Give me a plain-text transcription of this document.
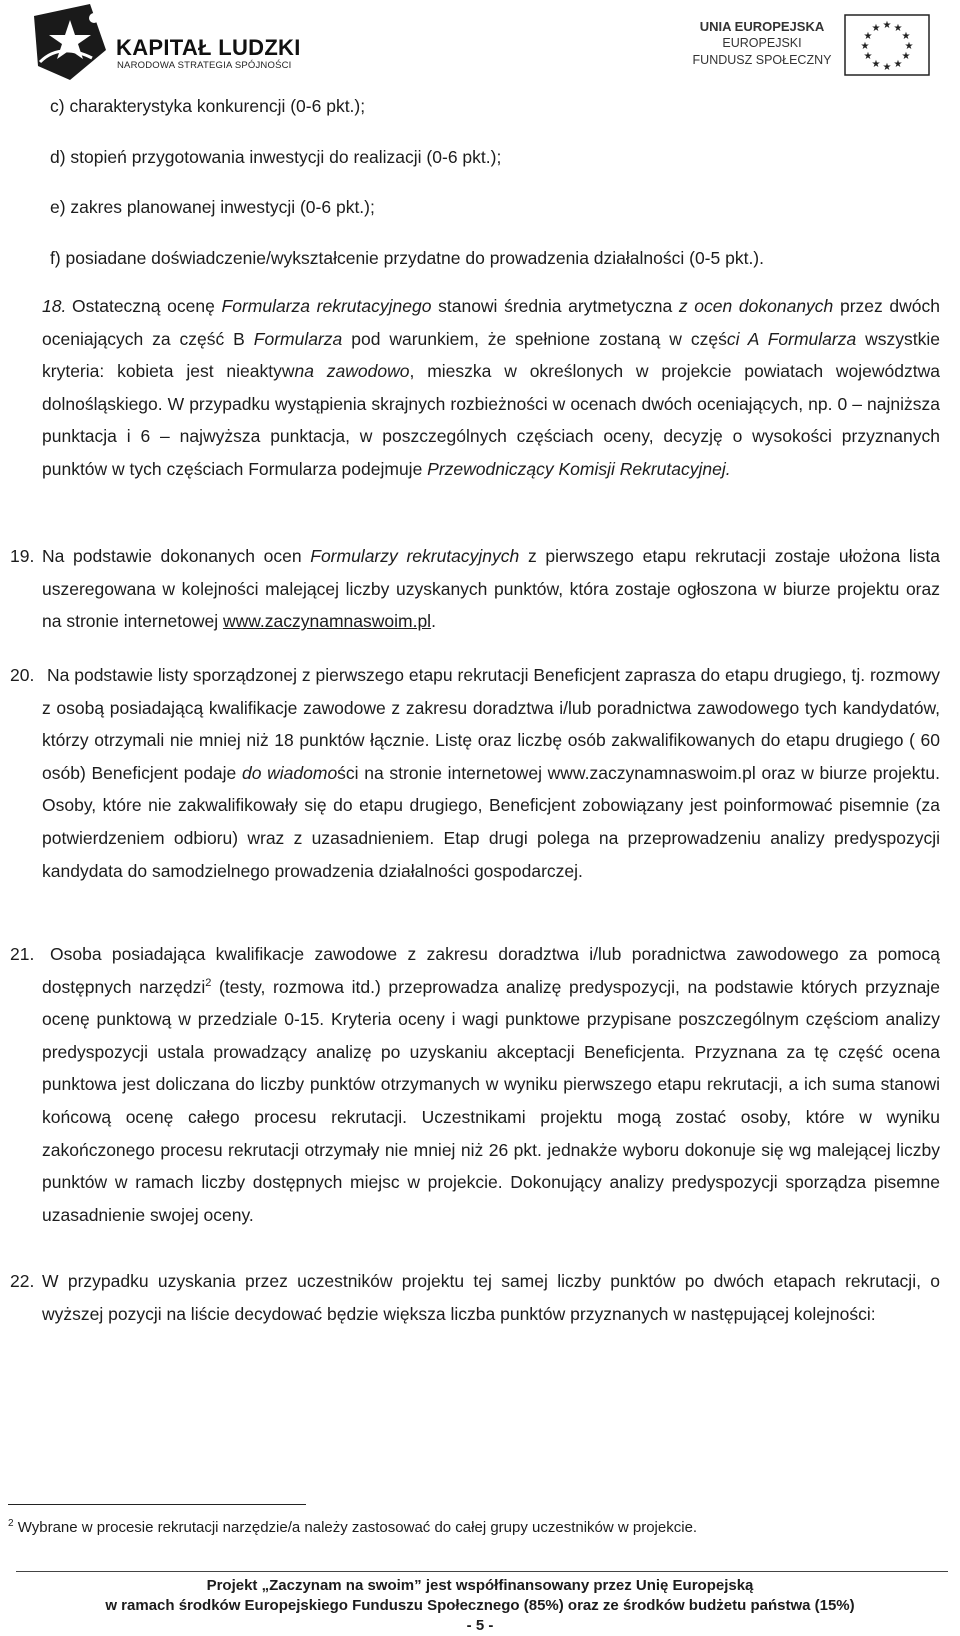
KAPITAŁ LUDZKI
NARODOWA STRATEGIA SPÓJNOŚCI
UNIA EUROPEJSKA
EUROPEJSKI
FUNDUSZ SPOŁECZNY
★ ★
★
★
★
★
★
★
★
★
★
★
c) charakterystyka konkurencji (0-6 pkt.);
d) stopień przygotowania inwestycji do realizacji (0-6 pkt.);
e) zakres planowanej inwestycji (0-6 pkt.);
f) posiadane doświadczenie/wykształcenie przydatne do prowadzenia działalności (0-5 pkt.).
18. Ostateczną ocenę Formularza rekrutacyjnego stanowi średnia arytmetyczna z ocen dokonanych przez dwóch oceniających za część B Formularza pod warunkiem, że spełnione zostaną w części A Formularza wszystkie kryteria: kobieta jest nieaktywna zawodowo, mieszka w określonych w projekcie powiatach województwa dolnośląskiego. W przypadku wystąpienia skrajnych rozbieżności w ocenach dwóch oceniających, np. 0 – najniższa punktacja i 6 – najwyższa punktacja, w poszczególnych częściach oceny, decyzję o wysokości przyznanych punktów w tych częściach Formularza podejmuje Przewodniczący Komisji Rekrutacyjnej.
19. Na podstawie dokonanych ocen Formularzy rekrutacyjnych z pierwszego etapu rekrutacji zostaje ułożona lista uszeregowana w kolejności malejącej liczby uzyskanych punktów, która zostaje ogłoszona w biurze projektu oraz na stronie internetowej www.zaczynamnaswoim.pl.
20. Na podstawie listy sporządzonej z pierwszego etapu rekrutacji Beneficjent zaprasza do etapu drugiego, tj. rozmowy z osobą posiadającą kwalifikacje zawodowe z zakresu doradztwa i/lub poradnictwa zawodowego tych kandydatów, którzy otrzymali nie mniej niż 18 punktów łącznie. Listę oraz liczbę osób zakwalifikowanych do etapu drugiego ( 60 osób) Beneficjent podaje do wiadomości na stronie internetowej www.zaczynamnaswoim.pl oraz w biurze projektu. Osoby, które nie zakwalifikowały się do etapu drugiego, Beneficjent zobowiązany jest poinformować pisemnie (za potwierdzeniem odbioru) wraz z uzasadnieniem. Etap drugi polega na przeprowadzeniu analizy predyspozycji kandydata do samodzielnego prowadzenia działalności gospodarczej.
21. Osoba posiadająca kwalifikacje zawodowe z zakresu doradztwa i/lub poradnictwa zawodowego za pomocą dostępnych narzędzi$^2$ (testy, rozmowa itd.) przeprowadza analizę predyspozycji, na podstawie których przyznaje ocenę punktową w przedziale 0-15. Kryteria oceny i wagi punktowe przypisane poszczególnym częściom analizy predyspozycji ustala prowadzący analizę po uzyskaniu akceptacji Beneficjenta. Przyznana za tę część ocena punktowa jest doliczana do liczby punktów otrzymanych w wyniku pierwszego etapu rekrutacji, a ich suma stanowi końcową ocenę całego procesu rekrutacji. Uczestnikami projektu mogą zostać osoby, które w wyniku zakończonego procesu rekrutacji otrzymały nie mniej niż 26 pkt. jednakże wyboru dokonuje się wg malejącej liczby punktów w ramach liczby dostępnych miejsc w projekcie. Dokonujący analizy predyspozycji sporządza pisemne uzasadnienie swojej oceny.
22. W przypadku uzyskania przez uczestników projektu tej samej liczby punktów po dwóch etapach rekrutacji, o wyższej pozycji na liście decydować będzie większa liczba punktów przyznanych w następującej kolejności:
$^2$ Wybrane w procesie rekrutacji narzędzie/a należy zastosować do całej grupy uczestników w projekcie.
Projekt „Zaczynam na swoim” jest współfinansowany przez Unię Europejską
w ramach środków Europejskiego Funduszu Społecznego (85%) oraz ze środków budżetu państwa (15%)
- 5 -
